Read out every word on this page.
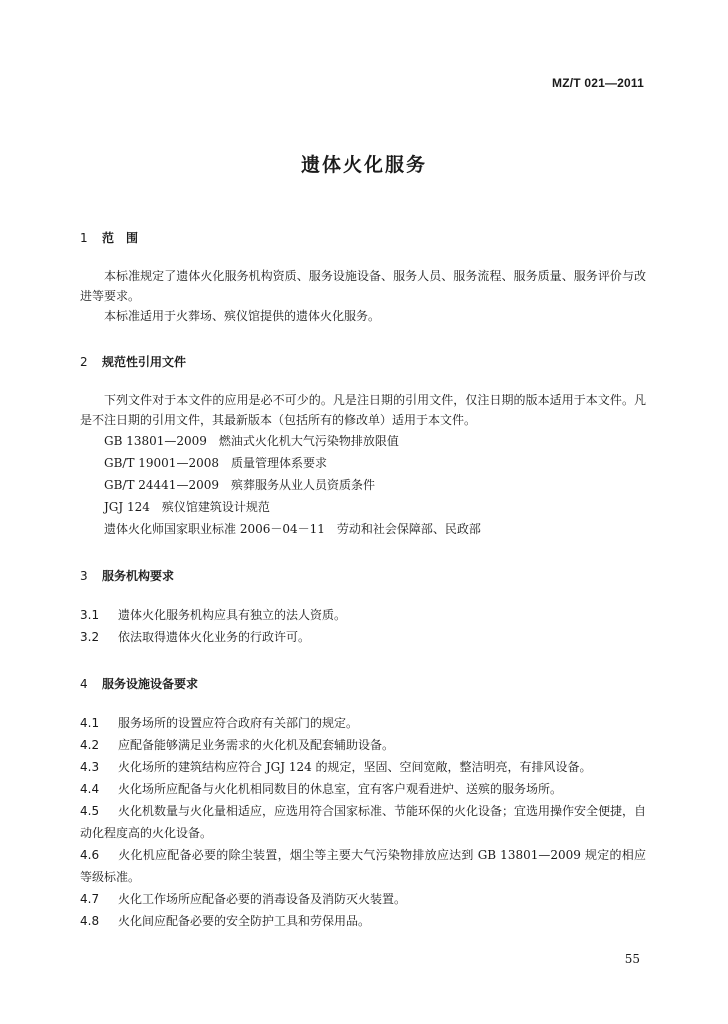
MZ/T 021—2011
遗体火化服务
1 范　围

本标准规定了遗体火化服务机构资质、服务设施设备、服务人员、服务流程、服务质量、服务评价与改进等要求。

本标准适用于火葬场、殡仪馆提供的遗体火化服务。

2 规范性引用文件

下列文件对于本文件的应用是必不可少的。凡是注日期的引用文件，仅注日期的版本适用于本文件。凡是不注日期的引用文件，其最新版本（包括所有的修改单）适用于本文件。

GB 13801—2009　燃油式火化机大气污染物排放限值

GB/T 19001—2008　质量管理体系要求

GB/T 24441—2009　殡葬服务从业人员资质条件

JGJ 124　殡仪馆建筑设计规范

遗体火化师国家职业标准 2006－04－11　劳动和社会保障部、民政部

3 服务机构要求

3.1 遗体火化服务机构应具有独立的法人资质。

3.2 依法取得遗体火化业务的行政许可。

4 服务设施设备要求

4.1 服务场所的设置应符合政府有关部门的规定。

4.2 应配备能够满足业务需求的火化机及配套辅助设备。

4.3 火化场所的建筑结构应符合 JGJ 124 的规定，坚固、空间宽敞，整洁明亮，有排风设备。

4.4 火化场所应配备与火化机相同数目的休息室，宜有客户观看进炉、送殡的服务场所。

4.5 火化机数量与火化量相适应，应选用符合国家标准、节能环保的火化设备；宜选用操作安全便捷，自动化程度高的火化设备。

4.6 火化机应配备必要的除尘装置，烟尘等主要大气污染物排放应达到 GB 13801—2009 规定的相应等级标准。

4.7 火化工作场所应配备必要的消毒设备及消防灭火装置。

4.8 火化间应配备必要的安全防护工具和劳保用品。

55
